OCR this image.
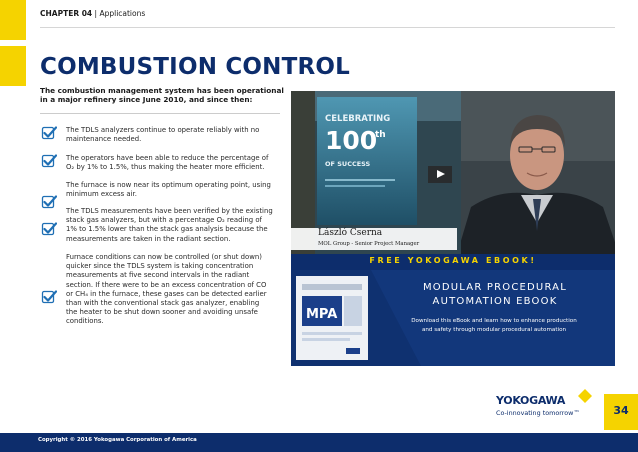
CHAPTER 04 | Applications
COMBUSTION CONTROL
The combustion management system has been operational
in a major refinery since June 2010, and since then:
The TDLS analyzers continue to operate reliably with no
maintenance needed.
The operators have been able to reduce the percentage of
O₂ by 1% to 1.5%, thus making the heater more efficient.
The furnace is now near its optimum operating point, using
minimum excess air.
The TDLS measurements have been verified by the existing
stack gas analyzers, but with a percentage O₂ reading of
1% to 1.5% lower than the stack gas analysis because the
measurements are taken in the radiant section.
Furnace conditions can now be controlled (or shut down)
quicker since the TDLS system is taking concentration
measurements at five second intervals in the radiant
section. If there were to be an excess concentration of CO
or CH₄ in the furnace, these gases can be detected earlier
than with the conventional stack gas analyzer, enabling
the heater to be shut down sooner and avoiding unsafe
conditions.
CELEBRATING
100
th
OF SUCCESS
László Cserna
MOL Group - Senior Project Manager
FREE YOKOGAWA EBOOK!
MPA
MODULAR PROCEDURAL
AUTOMATION EBOOK
Download this eBook and learn how to enhance production
and safety through modular procedural automation
YOKOGAWA
Co-innovating tomorrow™	34
Copyright © 2016 Yokogawa Corporation of America
